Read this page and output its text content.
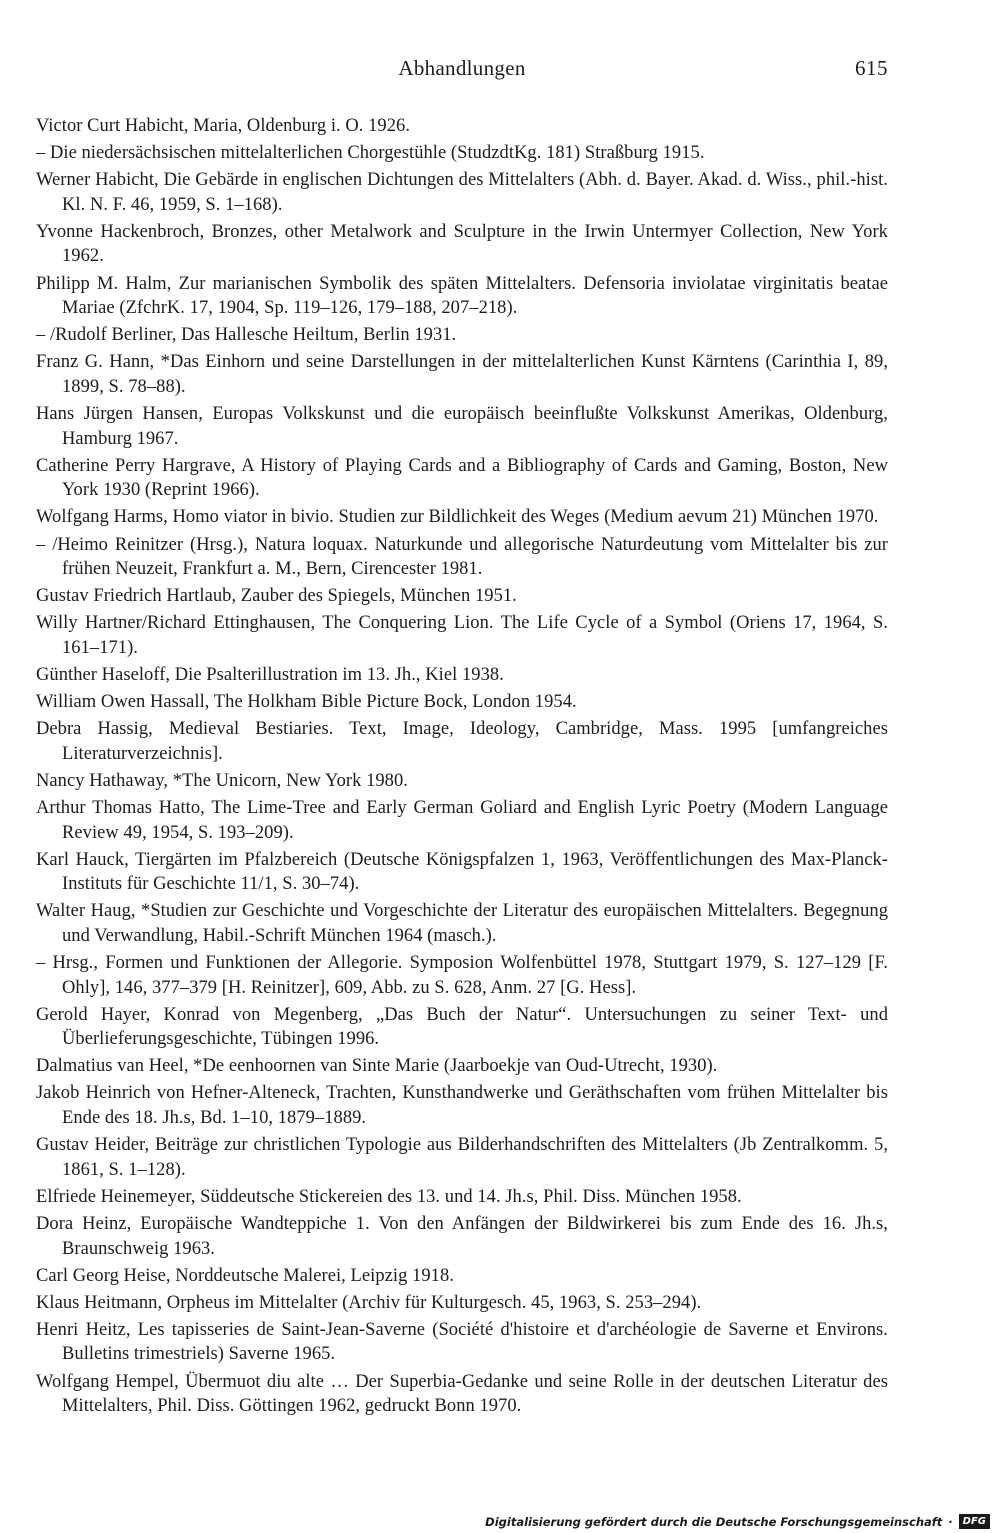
Abhandlungen	615
Victor Curt Habicht, Maria, Oldenburg i. O. 1926.
– Die niedersächsischen mittelalterlichen Chorgestühle (StudzdtKg. 181) Straßburg 1915.
Werner Habicht, Die Gebärde in englischen Dichtungen des Mittelalters (Abh. d. Bayer. Akad. d. Wiss., phil.-hist. Kl. N. F. 46, 1959, S. 1–168).
Yvonne Hackenbroch, Bronzes, other Metalwork and Sculpture in the Irwin Untermyer Collection, New York 1962.
Philipp M. Halm, Zur marianischen Symbolik des späten Mittelalters. Defensoria inviolatae virginitatis beatae Mariae (ZfchrK. 17, 1904, Sp. 119–126, 179–188, 207–218).
– /Rudolf Berliner, Das Hallesche Heiltum, Berlin 1931.
Franz G. Hann, *Das Einhorn und seine Darstellungen in der mittelalterlichen Kunst Kärntens (Carinthia I, 89, 1899, S. 78–88).
Hans Jürgen Hansen, Europas Volkskunst und die europäisch beeinflußte Volkskunst Amerikas, Oldenburg, Hamburg 1967.
Catherine Perry Hargrave, A History of Playing Cards and a Bibliography of Cards and Gaming, Boston, New York 1930 (Reprint 1966).
Wolfgang Harms, Homo viator in bivio. Studien zur Bildlichkeit des Weges (Medium aevum 21) München 1970.
– /Heimo Reinitzer (Hrsg.), Natura loquax. Naturkunde und allegorische Naturdeutung vom Mittelalter bis zur frühen Neuzeit, Frankfurt a. M., Bern, Cirencester 1981.
Gustav Friedrich Hartlaub, Zauber des Spiegels, München 1951.
Willy Hartner/Richard Ettinghausen, The Conquering Lion. The Life Cycle of a Symbol (Oriens 17, 1964, S. 161–171).
Günther Haseloff, Die Psalterillustration im 13. Jh., Kiel 1938.
William Owen Hassall, The Holkham Bible Picture Bock, London 1954.
Debra Hassig, Medieval Bestiaries. Text, Image, Ideology, Cambridge, Mass. 1995 [umfangreiches Literaturverzeichnis].
Nancy Hathaway, *The Unicorn, New York 1980.
Arthur Thomas Hatto, The Lime-Tree and Early German Goliard and English Lyric Poetry (Modern Language Review 49, 1954, S. 193–209).
Karl Hauck, Tiergärten im Pfalzbereich (Deutsche Königspfalzen 1, 1963, Veröffentlichungen des Max-Planck-Instituts für Geschichte 11/1, S. 30–74).
Walter Haug, *Studien zur Geschichte und Vorgeschichte der Literatur des europäischen Mittelalters. Begegnung und Verwandlung, Habil.-Schrift München 1964 (masch.).
– Hrsg., Formen und Funktionen der Allegorie. Symposion Wolfenbüttel 1978, Stuttgart 1979, S. 127–129 [F. Ohly], 146, 377–379 [H. Reinitzer], 609, Abb. zu S. 628, Anm. 27 [G. Hess].
Gerold Hayer, Konrad von Megenberg, „Das Buch der Natur“. Untersuchungen zu seiner Text- und Überlieferungsgeschichte, Tübingen 1996.
Dalmatius van Heel, *De eenhoornen van Sinte Marie (Jaarboekje van Oud-Utrecht, 1930).
Jakob Heinrich von Hefner-Alteneck, Trachten, Kunsthandwerke und Geräthschaften vom frühen Mittelalter bis Ende des 18. Jh.s, Bd. 1–10, 1879–1889.
Gustav Heider, Beiträge zur christlichen Typologie aus Bilderhandschriften des Mittelalters (Jb Zentralkomm. 5, 1861, S. 1–128).
Elfriede Heinemeyer, Süddeutsche Stickereien des 13. und 14. Jh.s, Phil. Diss. München 1958.
Dora Heinz, Europäische Wandteppiche 1. Von den Anfängen der Bildwirkerei bis zum Ende des 16. Jh.s, Braunschweig 1963.
Carl Georg Heise, Norddeutsche Malerei, Leipzig 1918.
Klaus Heitmann, Orpheus im Mittelalter (Archiv für Kulturgesch. 45, 1963, S. 253–294).
Henri Heitz, Les tapisseries de Saint-Jean-Saverne (Société d'histoire et d'archéologie de Saverne et Environs. Bulletins trimestriels) Saverne 1965.
Wolfgang Hempel, Übermuot diu alte … Der Superbia-Gedanke und seine Rolle in der deutschen Literatur des Mittelalters, Phil. Diss. Göttingen 1962, gedruckt Bonn 1970.
Digitalisierung gefördert durch die Deutsche Forschungsgemeinschaft ·	DFG
